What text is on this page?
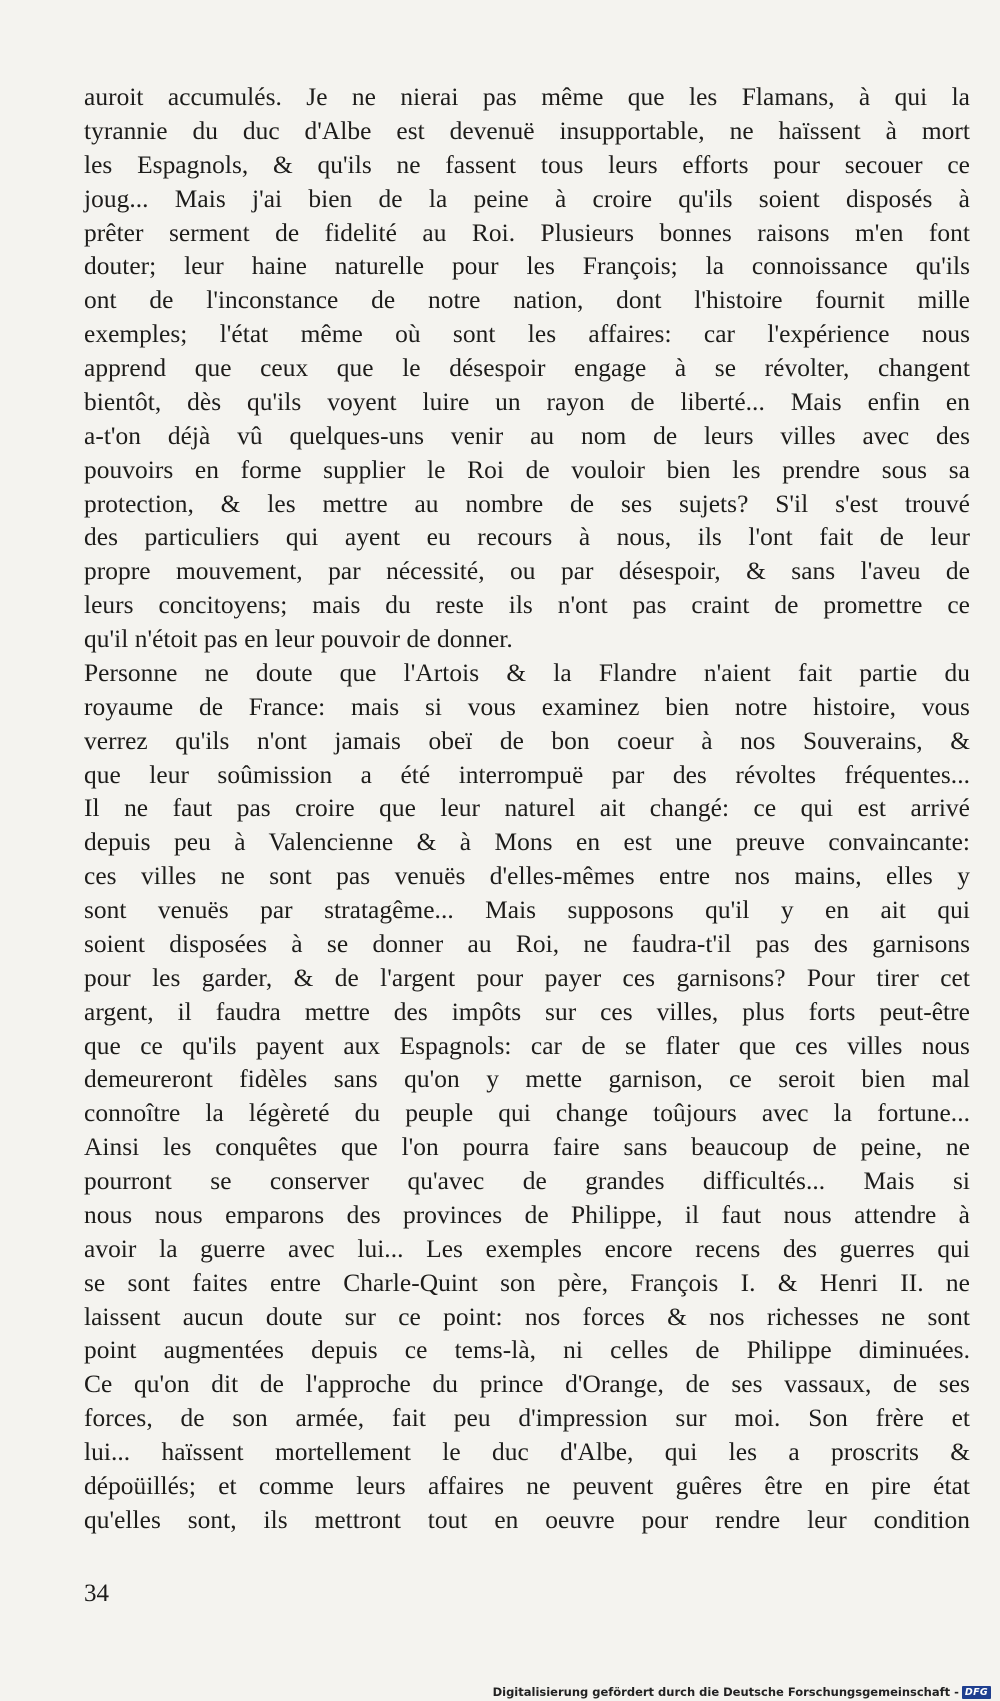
auroit accumulés. Je ne nierai pas même que les Flamans, à qui la
tyrannie du duc d'Albe est devenuë insupportable, ne haïssent à mort
les Espagnols, & qu'ils ne fassent tous leurs efforts pour secouer ce
joug... Mais j'ai bien de la peine à croire qu'ils soient disposés à
prêter serment de fidelité au Roi. Plusieurs bonnes raisons m'en font
douter; leur haine naturelle pour les François; la connoissance qu'ils
ont de l'inconstance de notre nation, dont l'histoire fournit mille
exemples; l'état même où sont les affaires: car l'expérience nous
apprend que ceux que le désespoir engage à se révolter, changent
bientôt, dès qu'ils voyent luire un rayon de liberté... Mais enfin en
a-t'on déjà vû quelques-uns venir au nom de leurs villes avec des
pouvoirs en forme supplier le Roi de vouloir bien les prendre sous sa
protection, & les mettre au nombre de ses sujets? S'il s'est trouvé
des particuliers qui ayent eu recours à nous, ils l'ont fait de leur
propre mouvement, par nécessité, ou par désespoir, & sans l'aveu de
leurs concitoyens; mais du reste ils n'ont pas craint de promettre ce
qu'il n'étoit pas en leur pouvoir de donner.
Personne ne doute que l'Artois & la Flandre n'aient fait partie du
royaume de France: mais si vous examinez bien notre histoire, vous
verrez qu'ils n'ont jamais obeï de bon coeur à nos Souverains, &
que leur soûmission a été interrompuë par des révoltes fréquentes...
Il ne faut pas croire que leur naturel ait changé: ce qui est arrivé
depuis peu à Valencienne & à Mons en est une preuve convaincante:
ces villes ne sont pas venuës d'elles-mêmes entre nos mains, elles y
sont venuës par stratagême... Mais supposons qu'il y en ait qui
soient disposées à se donner au Roi, ne faudra-t'il pas des garnisons
pour les garder, & de l'argent pour payer ces garnisons? Pour tirer cet
argent, il faudra mettre des impôts sur ces villes, plus forts peut-être
que ce qu'ils payent aux Espagnols: car de se flater que ces villes nous
demeureront fidèles sans qu'on y mette garnison, ce seroit bien mal
connoître la légèreté du peuple qui change toûjours avec la fortune...
Ainsi les conquêtes que l'on pourra faire sans beaucoup de peine, ne
pourront se conserver qu'avec de grandes difficultés... Mais si
nous nous emparons des provinces de Philippe, il faut nous attendre à
avoir la guerre avec lui... Les exemples encore recens des guerres qui
se sont faites entre Charle-Quint son père, François I. & Henri II. ne
laissent aucun doute sur ce point: nos forces & nos richesses ne sont
point augmentées depuis ce tems-là, ni celles de Philippe diminuées.
Ce qu'on dit de l'approche du prince d'Orange, de ses vassaux, de ses
forces, de son armée, fait peu d'impression sur moi. Son frère et
lui... haïssent mortellement le duc d'Albe, qui les a proscrits &
dépoüillés; et comme leurs affaires ne peuvent guêres être en pire état
qu'elles sont, ils mettront tout en oeuvre pour rendre leur condition
34
Digitalisierung gefördert durch die Deutsche Forschungsgemeinschaft - DFG
